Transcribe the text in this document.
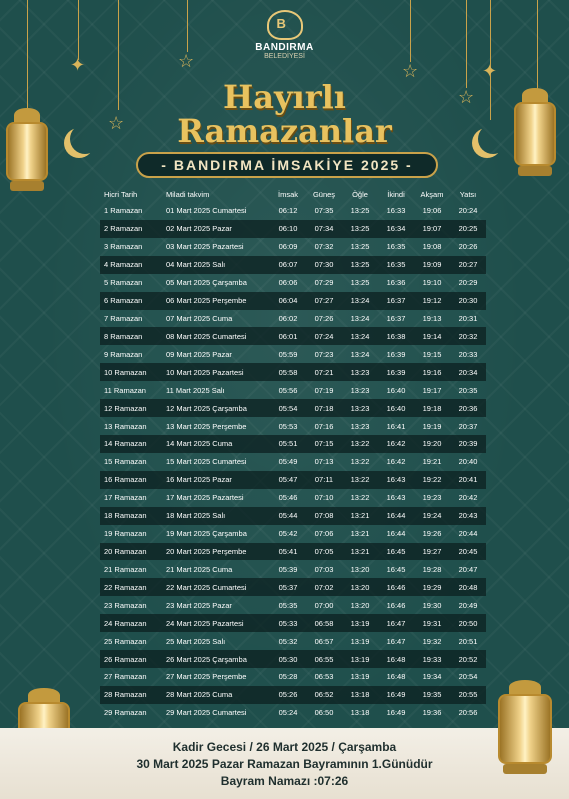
☆
☆	☆
☆
✦	✦
B
BANDIRMA
BELEDİYESİ
Hayırlı
Ramazanlar
- BANDIRMA İMSAKİYE 2025 -
Hicri Tarih	Miladi takvim	İmsak	Güneş	Öğle	İkindi	Akşam	Yatsı
1 Ramazan	01 Mart 2025 Cumartesi	06:12	07:35	13:25	16:33	19:06	20:24
2 Ramazan	02 Mart 2025 Pazar	06:10	07:34	13:25	16:34	19:07	20:25
3 Ramazan	03 Mart 2025 Pazartesi	06:09	07:32	13:25	16:35	19:08	20:26
4 Ramazan	04 Mart 2025 Salı	06:07	07:30	13:25	16:35	19:09	20:27
5 Ramazan	05 Mart 2025 Çarşamba	06:06	07:29	13:25	16:36	19:10	20:29
6 Ramazan	06 Mart 2025 Perşembe	06:04	07:27	13:24	16:37	19:12	20:30
7 Ramazan	07 Mart 2025 Cuma	06:02	07:26	13:24	16:37	19:13	20:31
8 Ramazan	08 Mart 2025 Cumartesi	06:01	07:24	13:24	16:38	19:14	20:32
9 Ramazan	09 Mart 2025 Pazar	05:59	07:23	13:24	16:39	19:15	20:33
10 Ramazan	10 Mart 2025 Pazartesi	05:58	07:21	13:23	16:39	19:16	20:34
11 Ramazan	11 Mart 2025 Salı	05:56	07:19	13:23	16:40	19:17	20:35
12 Ramazan	12 Mart 2025 Çarşamba	05:54	07:18	13:23	16:40	19:18	20:36
13 Ramazan	13 Mart 2025 Perşembe	05:53	07:16	13:23	16:41	19:19	20:37
14 Ramazan	14 Mart 2025 Cuma	05:51	07:15	13:22	16:42	19:20	20:39
15 Ramazan	15 Mart 2025 Cumartesi	05:49	07:13	13:22	16:42	19:21	20:40
16 Ramazan	16 Mart 2025 Pazar	05:47	07:11	13:22	16:43	19:22	20:41
17 Ramazan	17 Mart 2025 Pazartesi	05:46	07:10	13:22	16:43	19:23	20:42
18 Ramazan	18 Mart 2025 Salı	05:44	07:08	13:21	16:44	19:24	20:43
19 Ramazan	19 Mart 2025 Çarşamba	05:42	07:06	13:21	16:44	19:26	20:44
20 Ramazan	20 Mart 2025 Perşembe	05:41	07:05	13:21	16:45	19:27	20:45
21 Ramazan	21 Mart 2025 Cuma	05:39	07:03	13:20	16:45	19:28	20:47
22 Ramazan	22 Mart 2025 Cumartesi	05:37	07:02	13:20	16:46	19:29	20:48
23 Ramazan	23 Mart 2025 Pazar	05:35	07:00	13:20	16:46	19:30	20:49
24 Ramazan	24 Mart 2025 Pazartesi	05:33	06:58	13:19	16:47	19:31	20:50
25 Ramazan	25 Mart 2025 Salı	05:32	06:57	13:19	16:47	19:32	20:51
26 Ramazan	26 Mart 2025 Çarşamba	05:30	06:55	13:19	16:48	19:33	20:52
27 Ramazan	27 Mart 2025 Perşembe	05:28	06:53	13:19	16:48	19:34	20:54
28 Ramazan	28 Mart 2025 Cuma	05:26	06:52	13:18	16:49	19:35	20:55
29 Ramazan	29 Mart 2025 Cumartesi	05:24	06:50	13:18	16:49	19:36	20:56
Kadir Gecesi / 26 Mart 2025 / Çarşamba
30 Mart 2025 Pazar Ramazan Bayramının 1.Günüdür
Bayram Namazı :07:26
